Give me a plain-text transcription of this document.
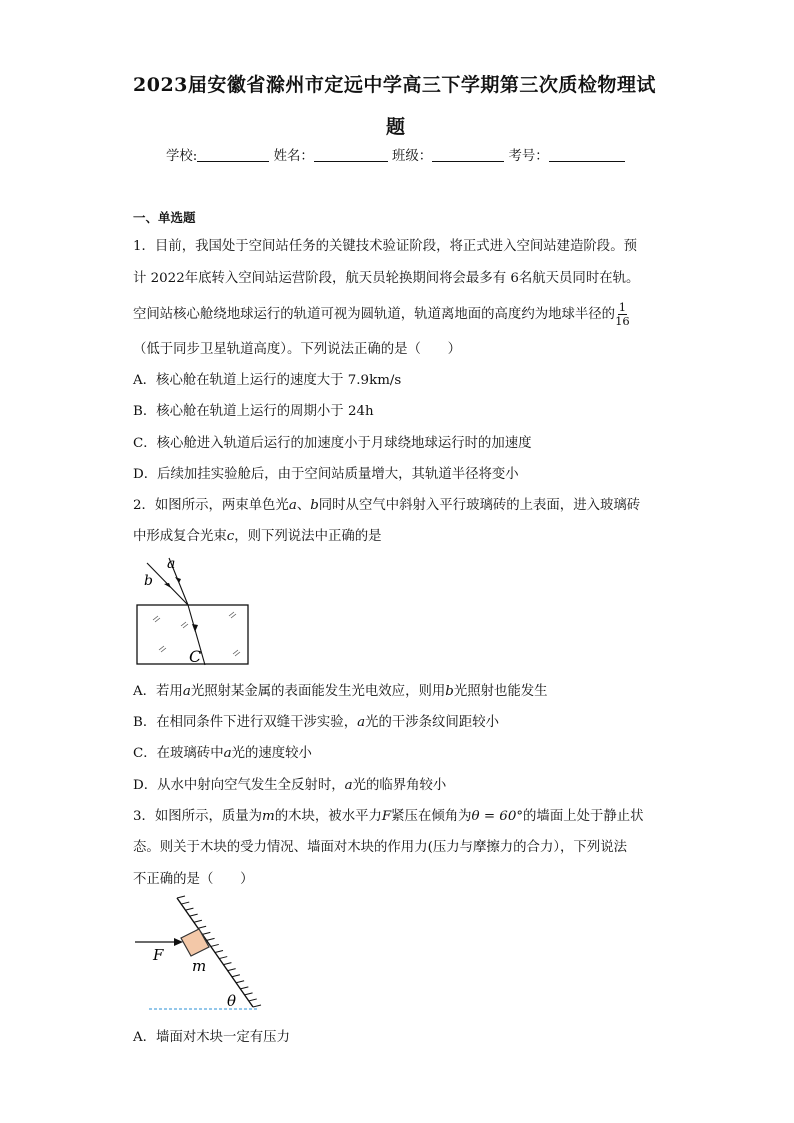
2023届安徽省滁州市定远中学高三下学期第三次质检物理试
题
学校:	姓名：	班级：	考号：
一、单选题
1．目前，我国处于空间站任务的关键技术验证阶段，将正式进入空间站建造阶段。预
计 2022年底转入空间站运营阶段，航天员轮换期间将会最多有 6名航天员同时在轨。
空间站核心舱绕地球运行的轨道可视为圆轨道，轨道离地面的高度约为地球半径的 $\frac{1}{16}$
（低于同步卫星轨道高度）。下列说法正确的是（　　）
A．核心舱在轨道上运行的速度大于 7.9km/s
B．核心舱在轨道上运行的周期小于 24h
C．核心舱进入轨道后运行的加速度小于月球绕地球运行时的加速度
D．后续加挂实验舱后，由于空间站质量增大，其轨道半径将变小
2．如图所示，两束单色光a、b同时从空气中斜射入平行玻璃砖的上表面，进入玻璃砖
中形成复合光束c，则下列说法中正确的是
a
b
C
A．若用a光照射某金属的表面能发生光电效应，则用b光照射也能发生
B．在相同条件下进行双缝干涉实验，a光的干涉条纹间距较小
C．在玻璃砖中a光的速度较小
D．从水中射向空气发生全反射时，a光的临界角较小
3．如图所示，质量为m的木块，被水平力F紧压在倾角为θ = 60°的墙面上处于静止状
态。则关于木块的受力情况、墙面对木块的作用力(压力与摩擦力的合力），下列说法
不正确的是（　　）
F
m
θ
A．墙面对木块一定有压力
